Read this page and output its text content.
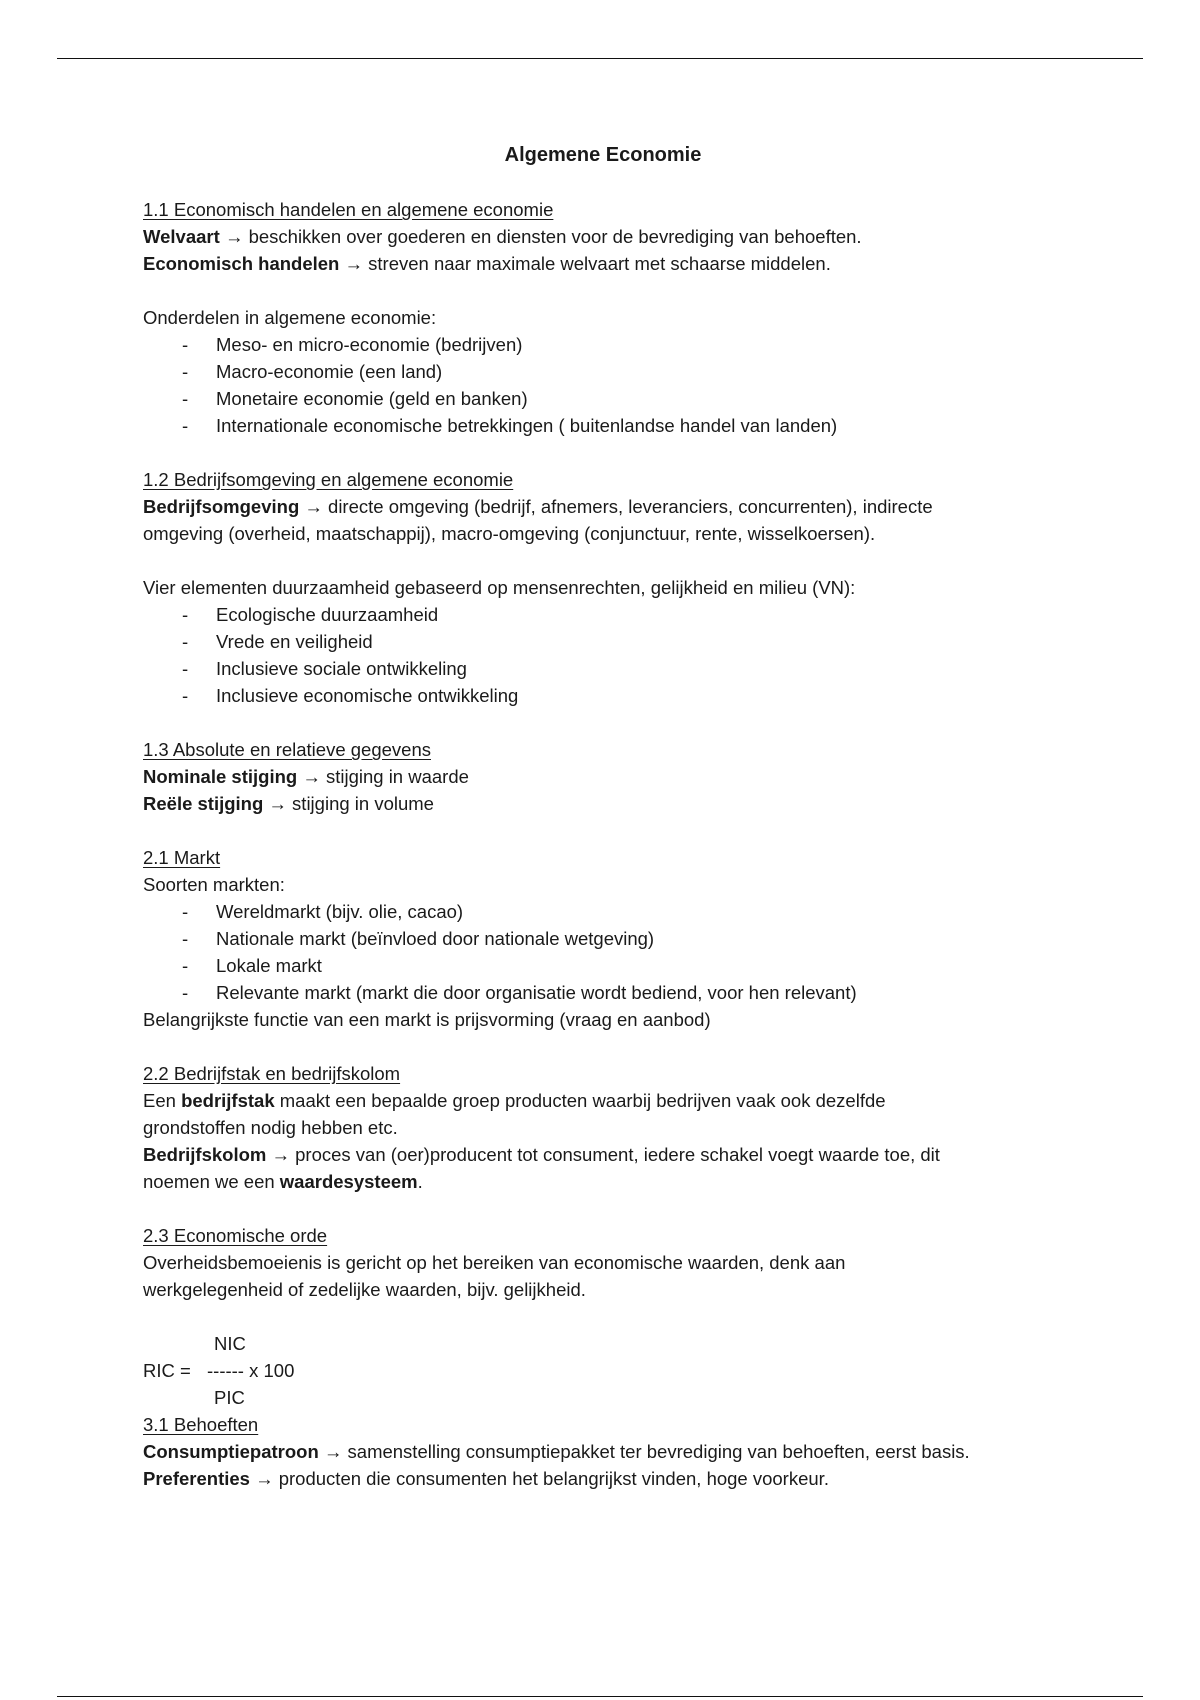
Algemene Economie
1.1 Economisch handelen en algemene economie
Welvaart → beschikken over goederen en diensten voor de bevrediging van behoeften.
Economisch handelen → streven naar maximale welvaart met schaarse middelen.
Onderdelen in algemene economie:
- Meso- en micro-economie (bedrijven)
- Macro-economie (een land)
- Monetaire economie (geld en banken)
- Internationale economische betrekkingen ( buitenlandse handel van landen)
1.2 Bedrijfsomgeving en algemene economie
Bedrijfsomgeving → directe omgeving (bedrijf, afnemers, leveranciers, concurrenten), indirecte
omgeving (overheid, maatschappij), macro-omgeving (conjunctuur, rente, wisselkoersen).
Vier elementen duurzaamheid gebaseerd op mensenrechten, gelijkheid en milieu (VN):
- Ecologische duurzaamheid
- Vrede en veiligheid
- Inclusieve sociale ontwikkeling
- Inclusieve economische ontwikkeling
1.3 Absolute en relatieve gegevens
Nominale stijging → stijging in waarde
Reële stijging → stijging in volume
2.1 Markt
Soorten markten:
- Wereldmarkt (bijv. olie, cacao)
- Nationale markt (beïnvloed door nationale wetgeving)
- Lokale markt
- Relevante markt (markt die door organisatie wordt bediend, voor hen relevant)
Belangrijkste functie van een markt is prijsvorming (vraag en aanbod)
2.2 Bedrijfstak en bedrijfskolom
Een bedrijfstak maakt een bepaalde groep producten waarbij bedrijven vaak ook dezelfde
grondstoffen nodig hebben etc.
Bedrijfskolom → proces van (oer)producent tot consument, iedere schakel voegt waarde toe, dit
noemen we een waardesysteem.
2.3 Economische orde
Overheidsbemoeienis is gericht op het bereiken van economische waarden, denk aan
werkgelegenheid of zedelijke waarden, bijv. gelijkheid.
NIC
RIC = ------ x 100
PIC
3.1 Behoeften
Consumptiepatroon → samenstelling consumptiepakket ter bevrediging van behoeften, eerst basis.
Preferenties → producten die consumenten het belangrijkst vinden, hoge voorkeur.
